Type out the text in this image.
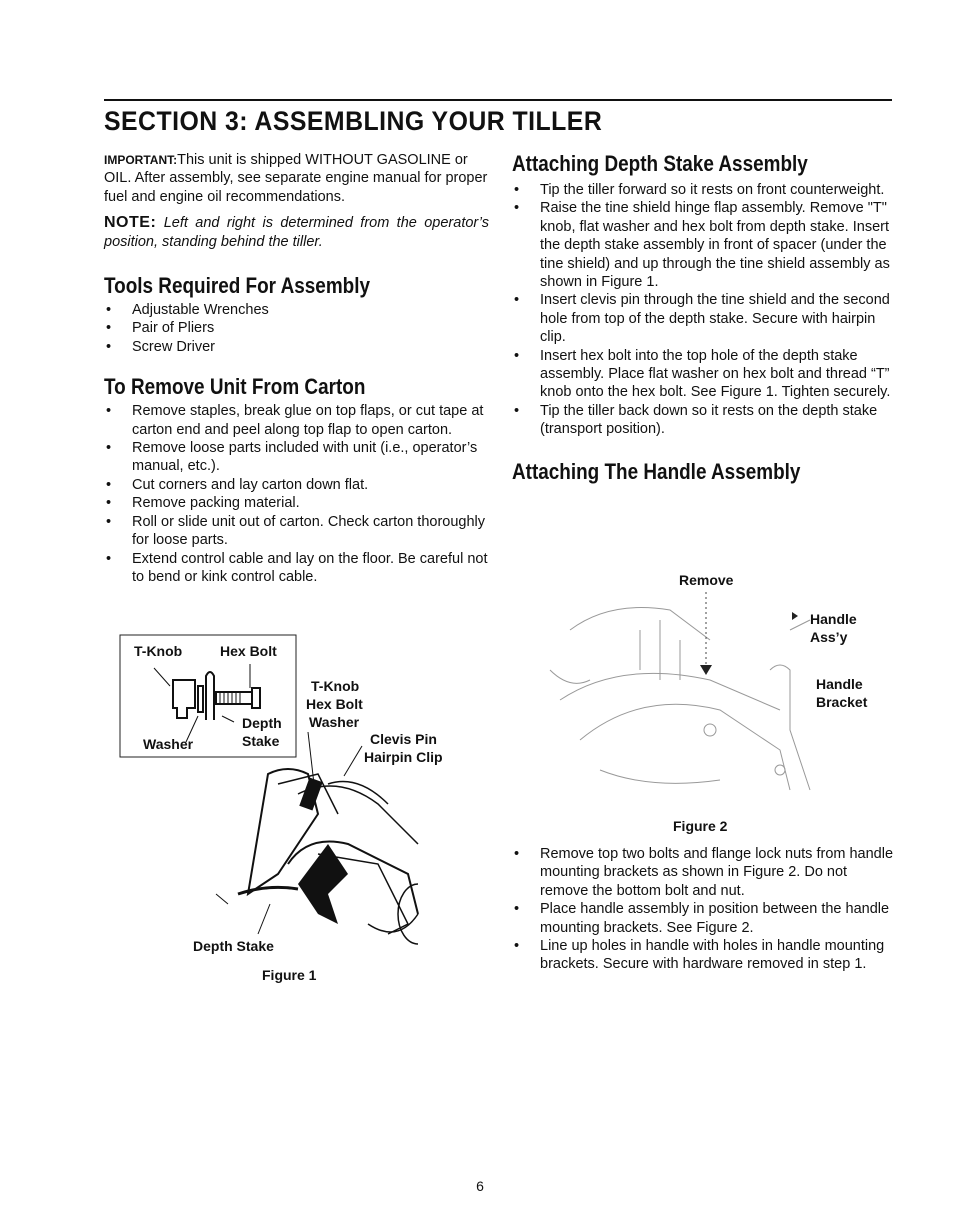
SECTION 3: ASSEMBLING YOUR TILLER

IMPORTANT:This unit is shipped WITHOUT GASOLINE or OIL. After assembly, see separate engine manual for proper fuel and engine oil recommendations.

NOTE: Left and right is determined from the operator’s position, standing behind the tiller.

Tools Required For Assembly
• Adjustable Wrenches
• Pair of Pliers
• Screw Driver
To Remove Unit From Carton
• Remove staples, break glue on top flaps, or cut tape at carton end and peel along top flap to open carton.
• Remove loose parts included with unit (i.e., operator’s manual, etc.).
• Cut corners and lay carton down flat.
• Remove packing material.
• Roll or slide unit out of carton. Check carton thoroughly for loose parts.
• Extend control cable and lay on the floor. Be careful not to bend or kink control cable.
Attaching Depth Stake Assembly
• Tip the tiller forward so it rests on front counterweight.
• Raise the tine shield hinge flap assembly. Remove "T" knob, flat washer and hex bolt from depth stake. Insert the depth stake assembly in front of spacer (under the tine shield) and up through the tine shield assembly as shown in Figure 1.
• Insert clevis pin through the tine shield and the second hole from top of the depth stake. Secure with hairpin clip.
• Insert hex bolt into the top hole of the depth stake assembly. Place flat washer on hex bolt and thread “T” knob onto the hex bolt. See Figure 1. Tighten securely.
• Tip the tiller back down so it rests on the depth stake (transport position).
Attaching The Handle Assembly
T-Knob	Hex Bolt
Depth
Stake
Washer
T-Knob
Hex Bolt
Washer
Clevis Pin
Hairpin Clip
Depth Stake
Figure 1
Remove
Handle
Ass’y
Handle
Bracket
Figure 2
• Remove top two bolts and flange lock nuts from handle mounting brackets as shown in Figure 2. Do not remove the bottom bolt and nut.
• Place handle assembly in position between the handle mounting brackets. See Figure 2.
• Line up holes in handle with holes in handle mounting brackets. Secure with hardware removed in step 1.
6
